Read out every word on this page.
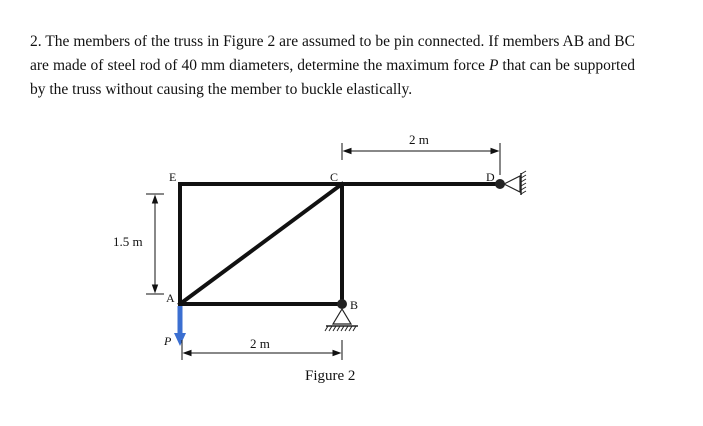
2. The members of the truss in Figure 2 are assumed to be pin connected. If members AB and BC are made of steel rod of 40 mm diameters, determine the maximum force P that can be supported by the truss without causing the member to buckle elastically.
E	C	D
A	B
P
2 m
1.5 m
2 m
Figure 2
